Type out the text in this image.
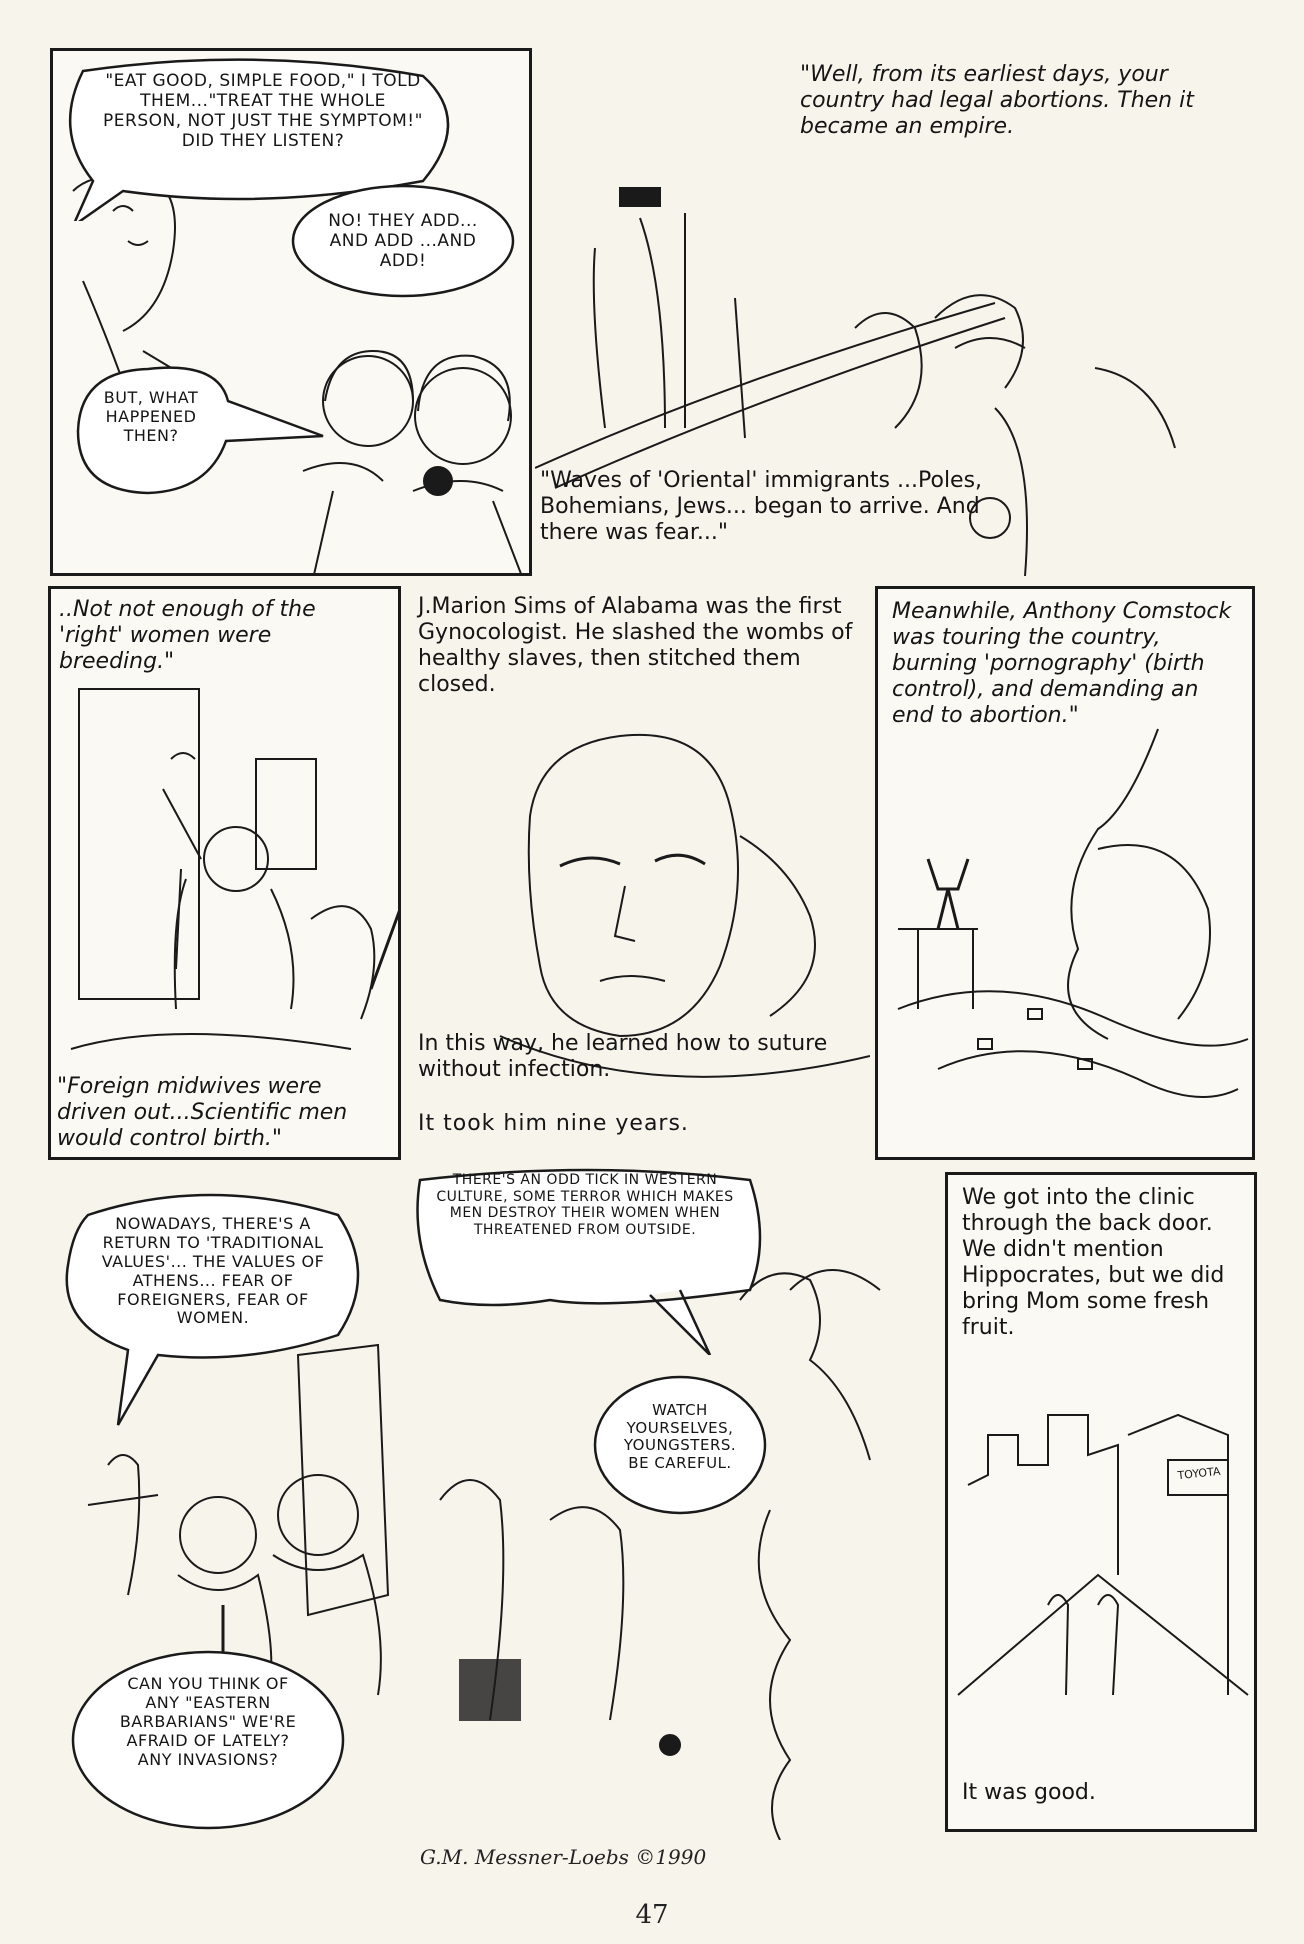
"EAT GOOD, SIMPLE FOOD," I TOLD THEM..."TREAT THE WHOLE PERSON, NOT JUST THE SYMPTOM!" DID THEY LISTEN?
NO! THEY ADD... AND ADD ...AND ADD!
BUT, WHAT HAPPENED THEN?
"Well, from its earliest days, your country had legal abortions. Then it became an empire.
"Waves of 'Oriental' immigrants ...Poles, Bohemians, Jews... began to arrive. And there was fear..."
..Not not enough of the 'right' women were breeding."
"Foreign midwives were driven out...Scientific men would control birth."
J.Marion Sims of Alabama was the first Gynocologist. He slashed the wombs of healthy slaves, then stitched them closed.
In this way, he learned how to suture without infection.
It took him nine years.
Meanwhile, Anthony Comstock was touring the country, burning 'pornography' (birth control), and demanding an end to abortion."
NOWADAYS, THERE'S A RETURN TO 'TRADITIONAL VALUES'... THE VALUES OF ATHENS... FEAR OF FOREIGNERS, FEAR OF WOMEN.
CAN YOU THINK OF ANY "EASTERN BARBARIANS" WE'RE AFRAID OF LATELY? ANY INVASIONS?
THERE'S AN ODD TICK IN WESTERN CULTURE, SOME TERROR WHICH MAKES MEN DESTROY THEIR WOMEN WHEN THREATENED FROM OUTSIDE.
WATCH YOURSELVES, YOUNGSTERS. BE CAREFUL.
We got into the clinic through the back door. We didn't mention Hippocrates, but we did bring Mom some fresh fruit.
TOYOTA
It was good.
G.M. Messner-Loebs ©1990
47
